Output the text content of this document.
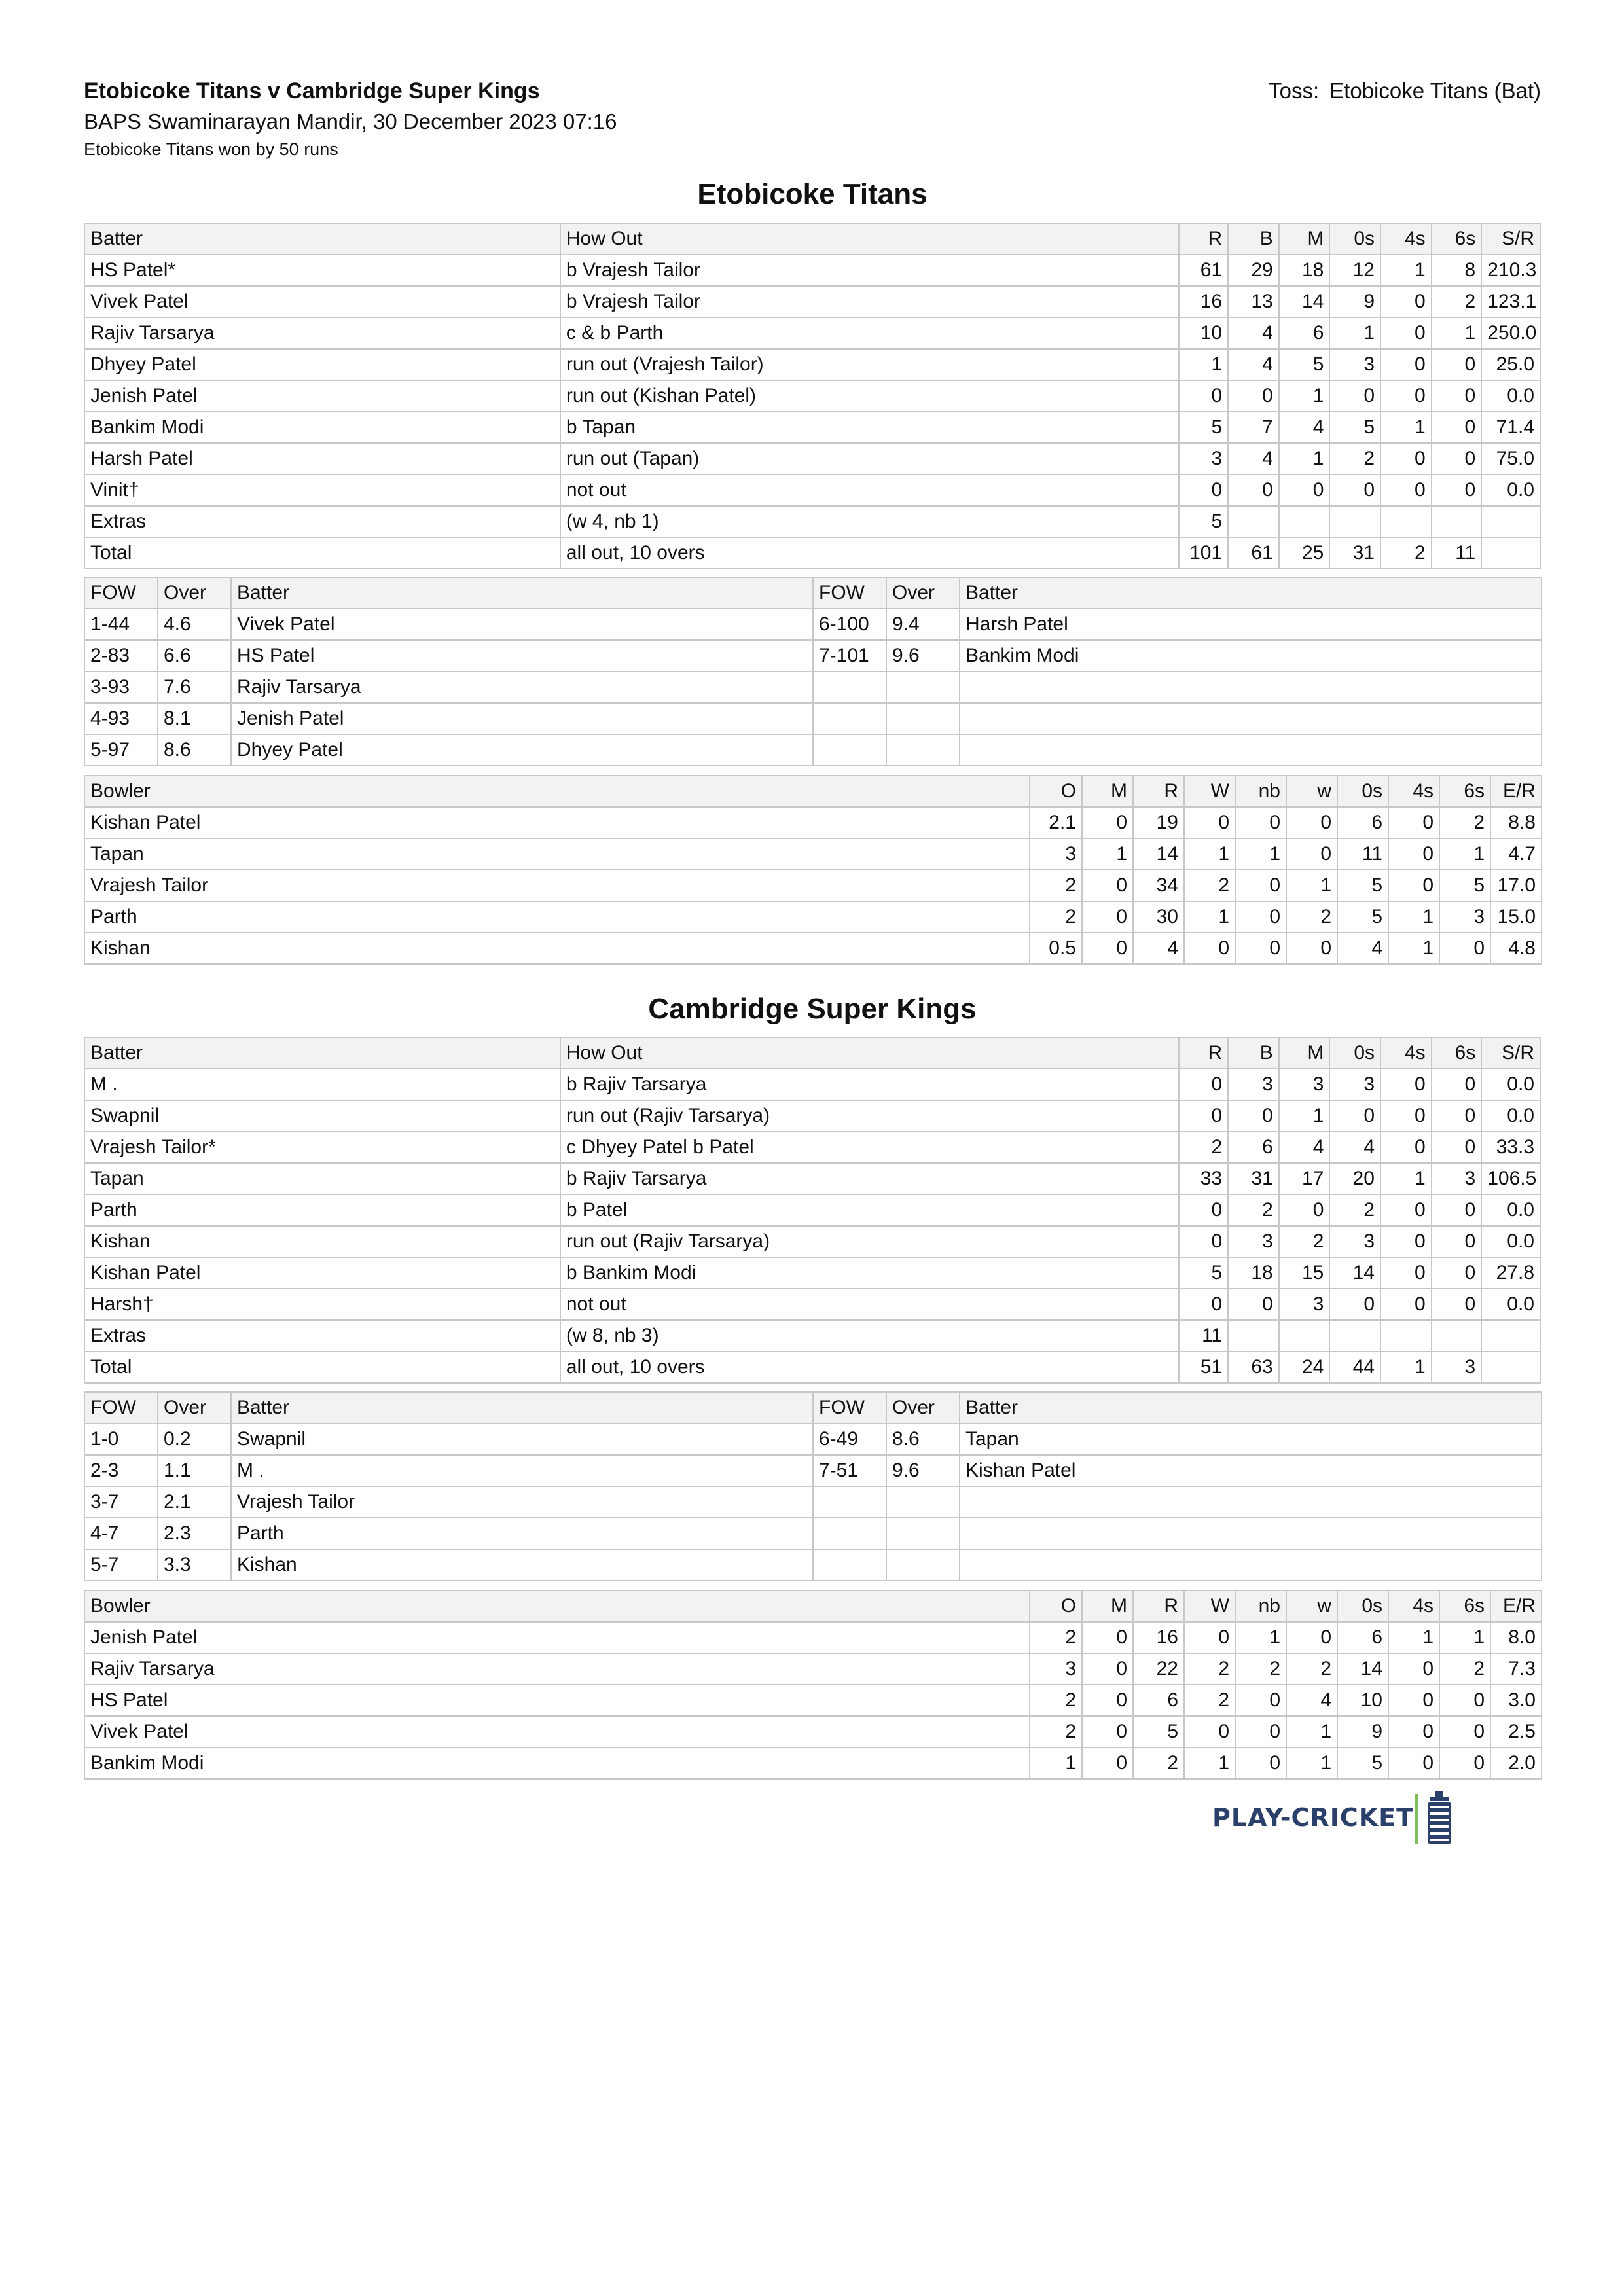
Etobicoke Titans v Cambridge Super Kings
BAPS Swaminarayan Mandir, 30 December 2023 07:16
Etobicoke Titans won by 50 runs
Toss: Etobicoke Titans (Bat)
Etobicoke Titans
Batter	How Out	R	B	M	0s	4s	6s	S/R
HS Patel*	b Vrajesh Tailor	61	29	18	12	1	8	210.3
Vivek Patel	b Vrajesh Tailor	16	13	14	9	0	2	123.1
Rajiv Tarsarya	c & b Parth	10	4	6	1	0	1	250.0
Dhyey Patel	run out (Vrajesh Tailor)	1	4	5	3	0	0	25.0
Jenish Patel	run out (Kishan Patel)	0	0	1	0	0	0	0.0
Bankim Modi	b Tapan	5	7	4	5	1	0	71.4
Harsh Patel	run out (Tapan)	3	4	1	2	0	0	75.0
Vinit†	not out	0	0	0	0	0	0	0.0
Extras	(w 4, nb 1)	5						
Total	all out, 10 overs	101	61	25	31	2	11	
FOW	Over	Batter	FOW	Over	Batter
1-44	4.6	Vivek Patel	6-100	9.4	Harsh Patel
2-83	6.6	HS Patel	7-101	9.6	Bankim Modi
3-93	7.6	Rajiv Tarsarya			
4-93	8.1	Jenish Patel			
5-97	8.6	Dhyey Patel			
Bowler	O	M	R	W	nb	w	0s	4s	6s	E/R
Kishan Patel	2.1	0	19	0	0	0	6	0	2	8.8
Tapan	3	1	14	1	1	0	11	0	1	4.7
Vrajesh Tailor	2	0	34	2	0	1	5	0	5	17.0
Parth	2	0	30	1	0	2	5	1	3	15.0
Kishan	0.5	0	4	0	0	0	4	1	0	4.8
Cambridge Super Kings
Batter	How Out	R	B	M	0s	4s	6s	S/R
M .	b Rajiv Tarsarya	0	3	3	3	0	0	0.0
Swapnil	run out (Rajiv Tarsarya)	0	0	1	0	0	0	0.0
Vrajesh Tailor*	c Dhyey Patel b Patel	2	6	4	4	0	0	33.3
Tapan	b Rajiv Tarsarya	33	31	17	20	1	3	106.5
Parth	b Patel	0	2	0	2	0	0	0.0
Kishan	run out (Rajiv Tarsarya)	0	3	2	3	0	0	0.0
Kishan Patel	b Bankim Modi	5	18	15	14	0	0	27.8
Harsh†	not out	0	0	3	0	0	0	0.0
Extras	(w 8, nb 3)	11						
Total	all out, 10 overs	51	63	24	44	1	3	
FOW	Over	Batter	FOW	Over	Batter
1-0	0.2	Swapnil	6-49	8.6	Tapan
2-3	1.1	M .	7-51	9.6	Kishan Patel
3-7	2.1	Vrajesh Tailor			
4-7	2.3	Parth			
5-7	3.3	Kishan			
Bowler	O	M	R	W	nb	w	0s	4s	6s	E/R
Jenish Patel	2	0	16	0	1	0	6	1	1	8.0
Rajiv Tarsarya	3	0	22	2	2	2	14	0	2	7.3
HS Patel	2	0	6	2	0	4	10	0	0	3.0
Vivek Patel	2	0	5	0	0	1	9	0	0	2.5
Bankim Modi	1	0	2	1	0	1	5	0	0	2.0
PLAY-CRICKET
